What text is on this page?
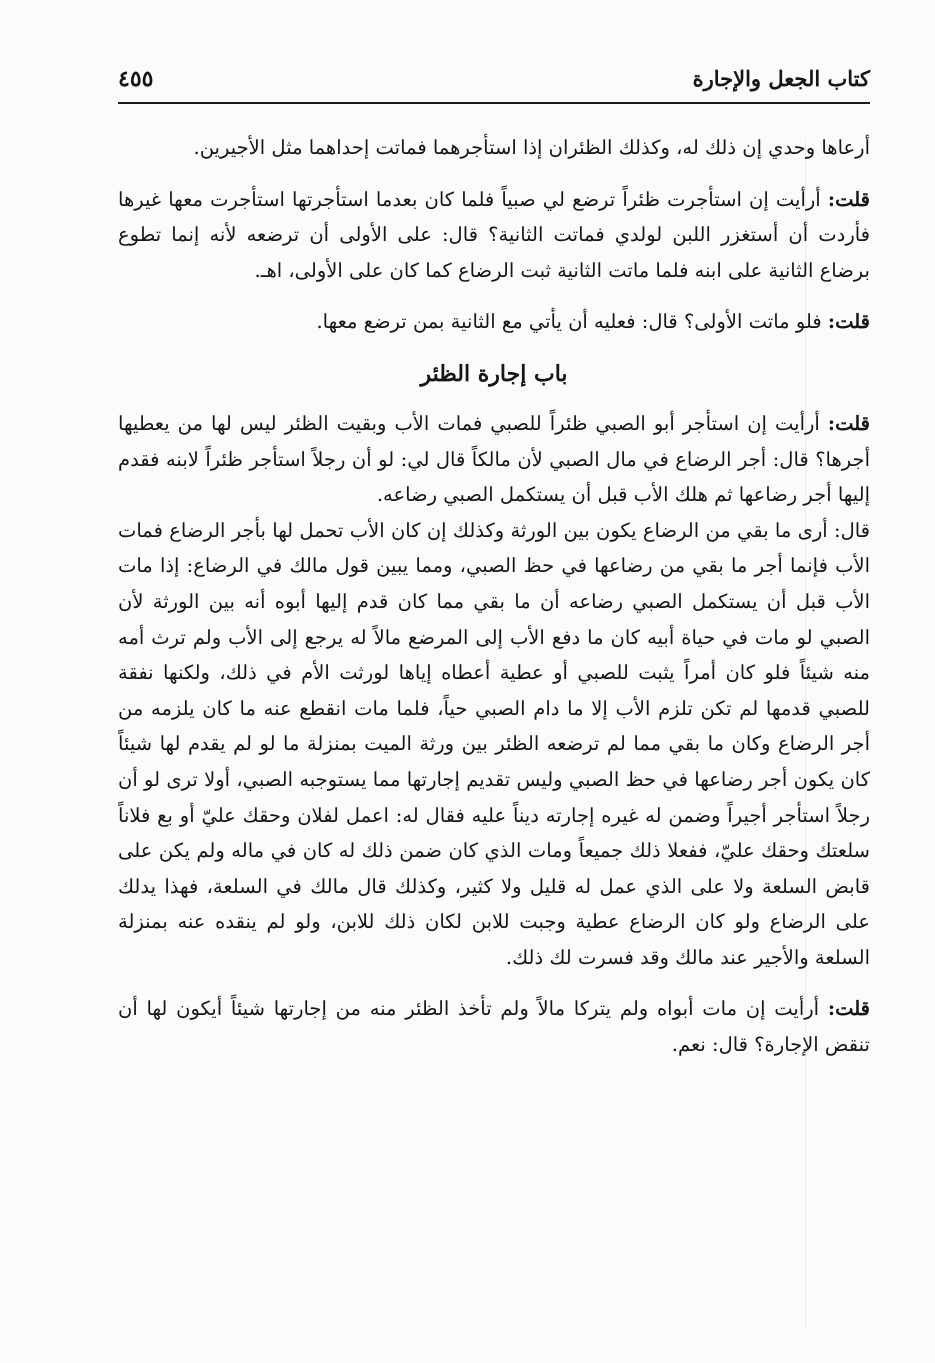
كتاب الجعل والإجارة
٤٥٥

أرعاها وحدي إن ذلك له، وكذلك الظئران إذا استأجرهما فماتت إحداهما مثل الأجيرين.

قلت: أرأيت إن استأجرت ظئراً ترضع لي صبياً فلما كان بعدما استأجرتها استأجرت معها غيرها فأردت أن أستغزر اللبن لولدي فماتت الثانية؟ قال: على الأولى أن ترضعه لأنه إنما تطوع برضاع الثانية على ابنه فلما ماتت الثانية ثبت الرضاع كما كان على الأولى، اهـ.

قلت: فلو ماتت الأولى؟ قال: فعليه أن يأتي مع الثانية بمن ترضع معها.

باب إجارة الظئر

قلت: أرأيت إن استأجر أبو الصبي ظئراً للصبي فمات الأب وبقيت الظئر ليس لها من يعطيها أجرها؟ قال: أجر الرضاع في مال الصبي لأن مالكاً قال لي: لو أن رجلاً استأجر ظئراً لابنه فقدم إليها أجر رضاعها ثم هلك الأب قبل أن يستكمل الصبي رضاعه.

قال: أرى ما بقي من الرضاع يكون بين الورثة وكذلك إن كان الأب تحمل لها بأجر الرضاع فمات الأب فإنما أجر ما بقي من رضاعها في حظ الصبي، ومما يبين قول مالك في الرضاع: إذا مات الأب قبل أن يستكمل الصبي رضاعه أن ما بقي مما كان قدم إليها أبوه أنه بين الورثة لأن الصبي لو مات في حياة أبيه كان ما دفع الأب إلى المرضع مالاً له يرجع إلى الأب ولم ترث أمه منه شيئاً فلو كان أمراً يثبت للصبي أو عطية أعطاه إياها لورثت الأم في ذلك، ولكنها نفقة للصبي قدمها لم تكن تلزم الأب إلا ما دام الصبي حياً، فلما مات انقطع عنه ما كان يلزمه من أجر الرضاع وكان ما بقي مما لم ترضعه الظئر بين ورثة الميت بمنزلة ما لو لم يقدم لها شيئاً كان يكون أجر رضاعها في حظ الصبي وليس تقديم إجارتها مما يستوجبه الصبي، أولا ترى لو أن رجلاً استأجر أجيراً وضمن له غيره إجارته ديناً عليه فقال له: اعمل لفلان وحقك عليّ أو بع فلاناً سلعتك وحقك عليّ، ففعلا ذلك جميعاً ومات الذي كان ضمن ذلك له كان في ماله ولم يكن على قابض السلعة ولا على الذي عمل له قليل ولا كثير، وكذلك قال مالك في السلعة، فهذا يدلك على الرضاع ولو كان الرضاع عطية وجبت للابن لكان ذلك للابن، ولو لم ينقده عنه بمنزلة السلعة والأجير عند مالك وقد فسرت لك ذلك.

قلت: أرأيت إن مات أبواه ولم يتركا مالاً ولم تأخذ الظئر منه من إجارتها شيئاً أيكون لها أن تنقض الإجارة؟ قال: نعم.
